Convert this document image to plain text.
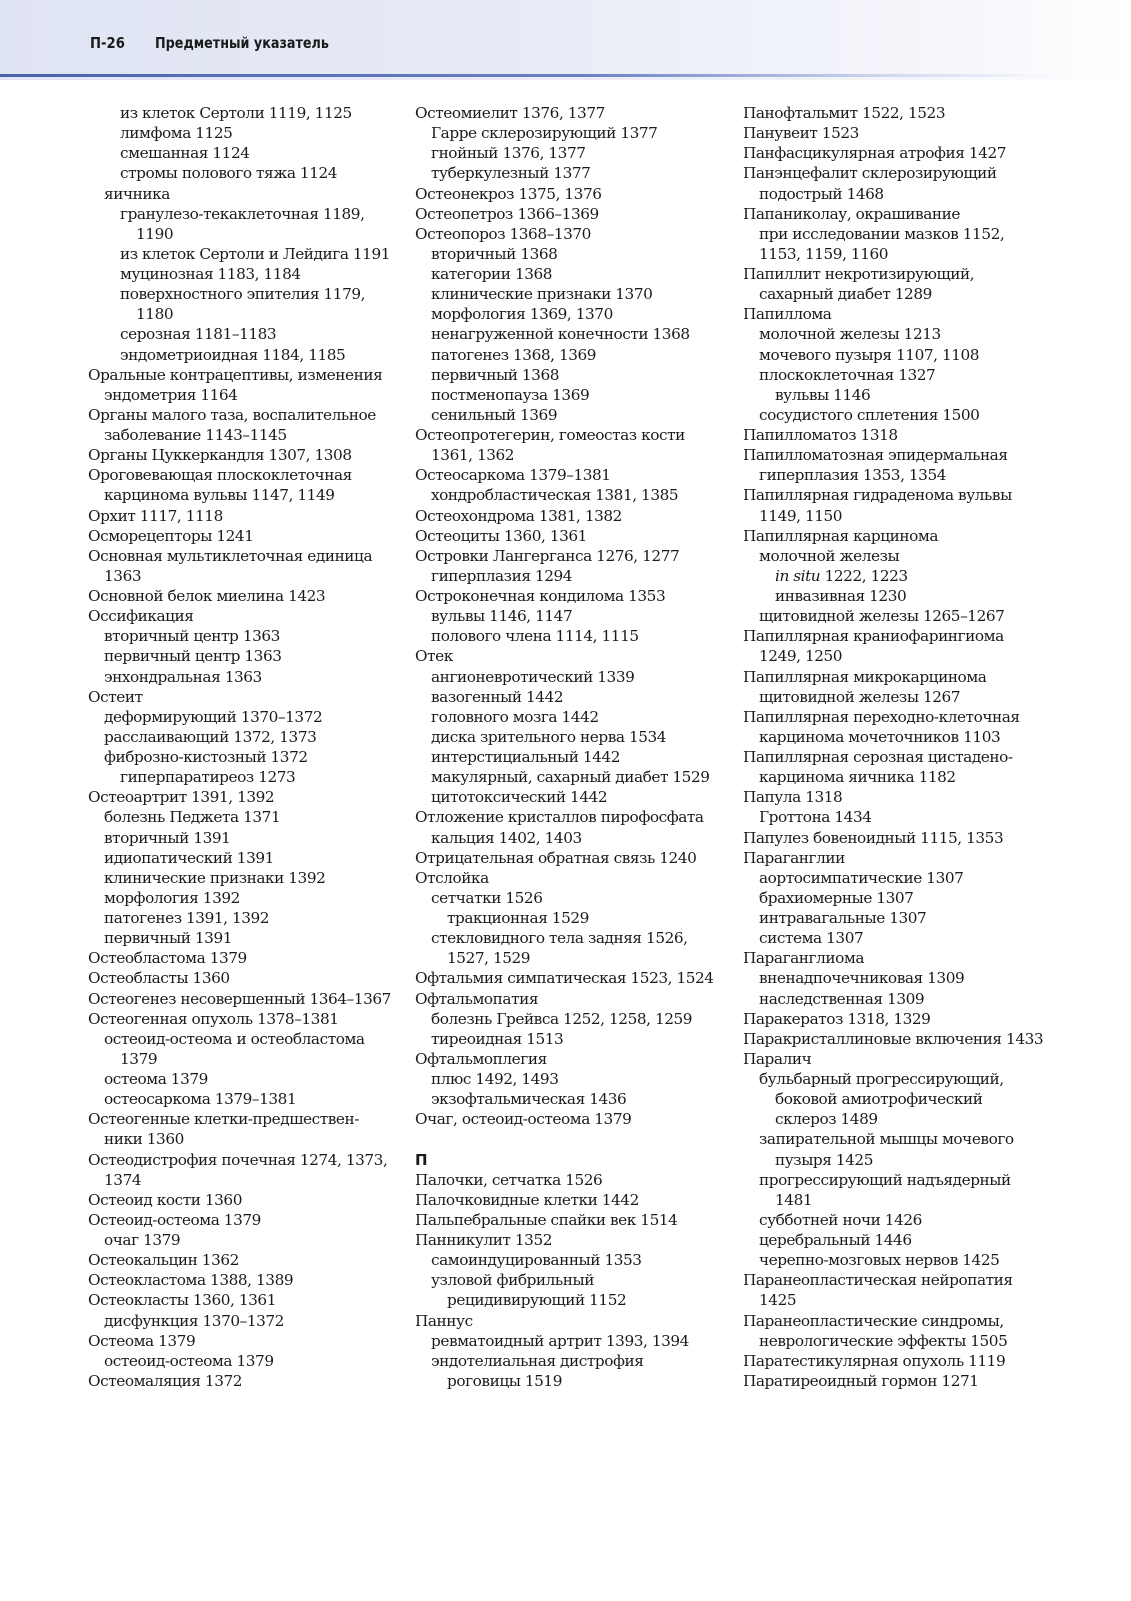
П-26 Предметный указатель
из клеток Сертоли 1119, 1125
лимфома 1125
смешанная 1124
стромы полового тяжа 1124
яичника
гранулезо-текаклеточная 1189,
1190
из клеток Сертоли и Лейдига 1191
муцинозная 1183, 1184
поверхностного эпителия 1179,
1180
серозная 1181–1183
эндометриоидная 1184, 1185
Оральные контрацептивы, изменения
эндометрия 1164
Органы малого таза, воспалительное
заболевание 1143–1145
Органы Цуккеркандля 1307, 1308
Ороговевающая плоскоклеточная
карцинома вульвы 1147, 1149
Орхит 1117, 1118
Осморецепторы 1241
Основная мультиклеточная единица
1363
Основной белок миелина 1423
Оссификация
вторичный центр 1363
первичный центр 1363
энхондральная 1363
Остеит
деформирующий 1370–1372
расслаивающий 1372, 1373
фиброзно-кистозный 1372
гиперпаратиреоз 1273
Остеоартрит 1391, 1392
болезнь Педжета 1371
вторичный 1391
идиопатический 1391
клинические признаки 1392
морфология 1392
патогенез 1391, 1392
первичный 1391
Остеобластома 1379
Остеобласты 1360
Остеогенез несовершенный 1364–1367
Остеогенная опухоль 1378–1381
остеоид-остеома и остеобластома
1379
остеома 1379
остеосаркома 1379–1381
Остеогенные клетки-предшествен-
ники 1360
Остеодистрофия почечная 1274, 1373,
1374
Остеоид кости 1360
Остеоид-остеома 1379
очаг 1379
Остеокальцин 1362
Остеокластома 1388, 1389
Остеокласты 1360, 1361
дисфункция 1370–1372
Остеома 1379
остеоид-остеома 1379
Остеомаляция 1372
Остеомиелит 1376, 1377
Гарре склерозирующий 1377
гнойный 1376, 1377
туберкулезный 1377
Остеонекроз 1375, 1376
Остеопетроз 1366–1369
Остеопороз 1368–1370
вторичный 1368
категории 1368
клинические признаки 1370
морфология 1369, 1370
ненагруженной конечности 1368
патогенез 1368, 1369
первичный 1368
постменопауза 1369
сенильный 1369
Остеопротегерин, гомеостаз кости
1361, 1362
Остеосаркома 1379–1381
хондробластическая 1381, 1385
Остеохондрома 1381, 1382
Остеоциты 1360, 1361
Островки Лангерганса 1276, 1277
гиперплазия 1294
Остроконечная кондилома 1353
вульвы 1146, 1147
полового члена 1114, 1115
Отек
ангионевротический 1339
вазогенный 1442
головного мозга 1442
диска зрительного нерва 1534
интерстициальный 1442
макулярный, сахарный диабет 1529
цитотоксический 1442
Отложение кристаллов пирофосфата
кальция 1402, 1403
Отрицательная обратная связь 1240
Отслойка
сетчатки 1526
тракционная 1529
стекловидного тела задняя 1526,
1527, 1529
Офтальмия симпатическая 1523, 1524
Офтальмопатия
болезнь Грейвса 1252, 1258, 1259
тиреоидная 1513
Офтальмоплегия
плюс 1492, 1493
экзофтальмическая 1436
Очаг, остеоид-остеома 1379
П
Палочки, сетчатка 1526
Палочковидные клетки 1442
Пальпебральные спайки век 1514
Панникулит 1352
самоиндуцированный 1353
узловой фибрильный
рецидивирующий 1152
Паннус
ревматоидный артрит 1393, 1394
эндотелиальная дистрофия
роговицы 1519
Панофтальмит 1522, 1523
Панувеит 1523
Панфасцикулярная атрофия 1427
Панэнцефалит склерозирующий
подострый 1468
Папаниколау, окрашивание
при исследовании мазков 1152,
1153, 1159, 1160
Папиллит некротизирующий,
сахарный диабет 1289
Папиллома
молочной железы 1213
мочевого пузыря 1107, 1108
плоскоклеточная 1327
вульвы 1146
сосудистого сплетения 1500
Папилломатоз 1318
Папилломатозная эпидермальная
гиперплазия 1353, 1354
Папиллярная гидраденома вульвы
1149, 1150
Папиллярная карцинома
молочной железы
in situ 1222, 1223
инвазивная 1230
щитовидной железы 1265–1267
Папиллярная краниофарингиома
1249, 1250
Папиллярная микрокарцинома
щитовидной железы 1267
Папиллярная переходно-клеточная
карцинома мочеточников 1103
Папиллярная серозная цистадено-
карцинома яичника 1182
Папула 1318
Гроттона 1434
Папулез бовеноидный 1115, 1353
Параганглии
аортосимпатические 1307
брахиомерные 1307
интравагальные 1307
система 1307
Параганглиома
вненадпочечниковая 1309
наследственная 1309
Паракератоз 1318, 1329
Паракристаллиновые включения 1433
Паралич
бульбарный прогрессирующий,
боковой амиотрофический
склероз 1489
запирательной мышцы мочевого
пузыря 1425
прогрессирующий надъядерный
1481
субботней ночи 1426
церебральный 1446
черепно-мозговых нервов 1425
Паранеопластическая нейропатия
1425
Паранеопластические синдромы,
неврологические эффекты 1505
Паратестикулярная опухоль 1119
Паратиреоидный гормон 1271
